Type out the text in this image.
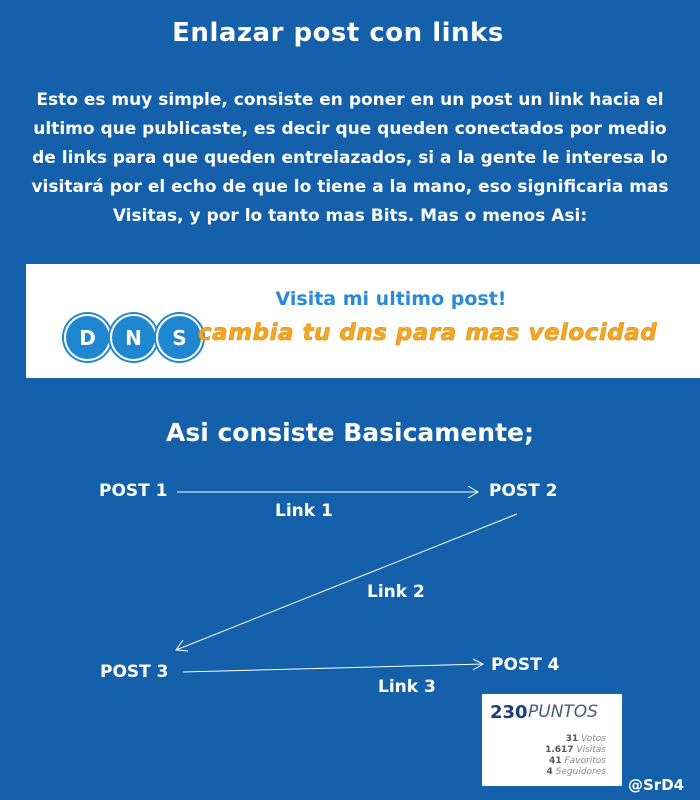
Enlazar post con links
Esto es muy simple, consiste en poner en un post un link hacia el ultimo que publicaste, es decir que queden conectados por medio de links para que queden entrelazados, si a la gente le interesa lo visitará por el echo de que lo tiene a la mano, eso significaria mas Visitas, y por lo tanto mas Bits. Mas o menos Asi:
Visita mi ultimo post!
D	N	S cambia tu dns para mas velocidad
Asi consiste Basicamente;
POST 1	POST 2
POST 3	POST 4
Link 1
Link 2
Link 3
230 PUNTOS
31 Votos
1.617 Visitas
41 Favoritos
4 Seguidores
@SrD4
